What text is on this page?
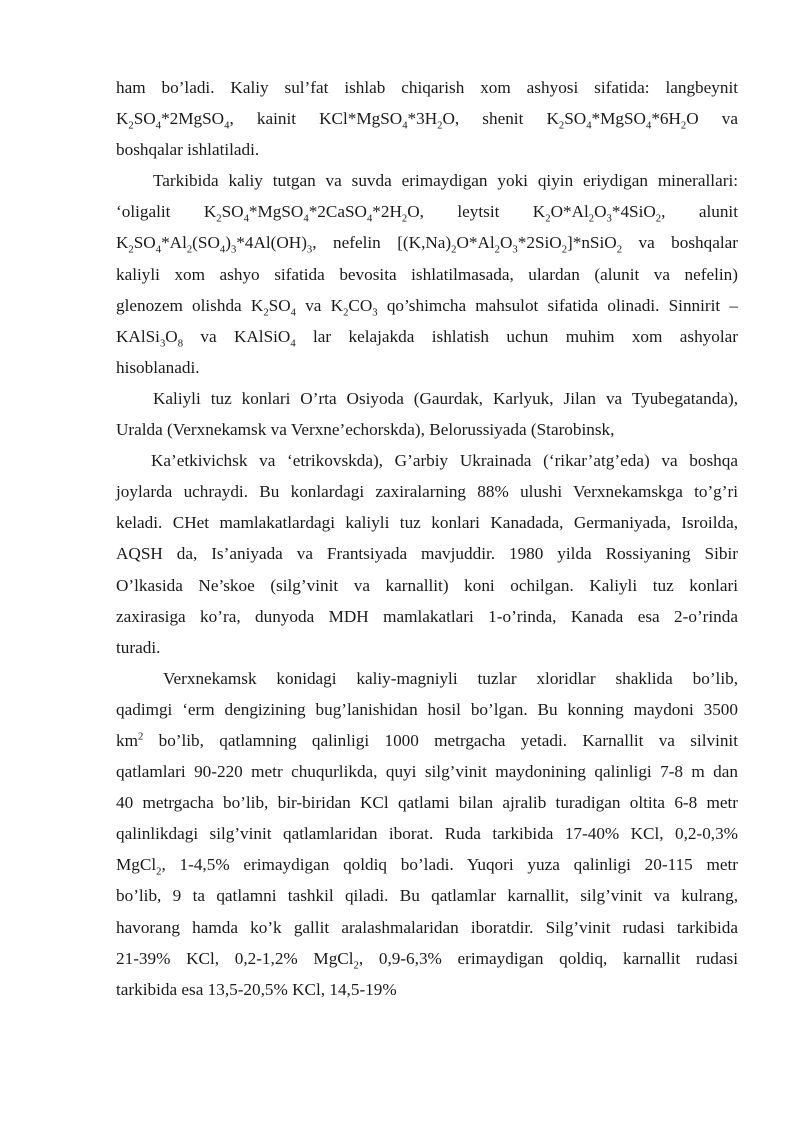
ham bo’ladi. Kaliy sul’fat ishlab chiqarish xom ashyosi sifatida: langbeynit
$K_2SO_4*2MgSO_4$, kainit $KCl*MgSO_4*3H_2O$, shenit $K_2SO_4*MgSO_4*6H_2O$ va
boshqalar ishlatiladi.
Tarkibida kaliy tutgan va suvda erimaydigan yoki qiyin eriydigan minerallari:
‘oligalit $K_2SO_4*MgSO_4*2CaSO_4*2H_2O$, leytsit $K_2O*Al_2O_3*4SiO_2$, alunit
$K_2SO_4*Al_2(SO_4)_3*4Al(OH)_3$, nefelin $[(K,Na)_2O*Al_2O_3*2SiO_2]*nSiO_2$ va boshqalar
kaliyli xom ashyo sifatida bevosita ishlatilmasada, ulardan (alunit va nefelin)
glenozem olishda $K_2SO_4$ va $K_2CO_3$ qo’shimcha mahsulot sifatida olinadi. Sinnirit –
$KAlSi_3O_8$ va KAlSiO$_4$ lar kelajakda ishlatish uchun muhim xom ashyolar
hisoblanadi.
Kaliyli tuz konlari O’rta Osiyoda (Gaurdak, Karlyuk, Jilan va Tyubegatanda),
Uralda (Verxnekamsk va Verxne’echorskda), Belorussiyada (Starobinsk,
Ka’etkivichsk va ‘etrikovskda), G’arbiy Ukrainada (‘rikar’atg’eda) va boshqa
joylarda uchraydi. Bu konlardagi zaxiralarning 88% ulushi Verxnekamskga to’g’ri
keladi. CHet mamlakatlardagi kaliyli tuz konlari Kanadada, Germaniyada, Isroilda,
AQSH da, Is’aniyada va Frantsiyada mavjuddir. 1980 yilda Rossiyaning Sibir
O’lkasida Ne’skoe (silg’vinit va karnallit) koni ochilgan. Kaliyli tuz konlari
zaxirasiga ko’ra, dunyoda MDH mamlakatlari 1-o’rinda, Kanada esa 2-o’rinda
turadi.
Verxnekamsk konidagi kaliy-magniyli tuzlar xloridlar shaklida bo’lib,
qadimgi ‘erm dengizining bug’lanishidan hosil bo’lgan. Bu konning maydoni 3500
$km^2$ bo’lib, qatlamning qalinligi 1000 metrgacha yetadi. Karnallit va silvinit
qatlamlari 90-220 metr chuqurlikda, quyi silg’vinit maydonining qalinligi 7-8 m dan
40 metrgacha bo’lib, bir-biridan KCl qatlami bilan ajralib turadigan oltita 6-8 metr
qalinlikdagi silg’vinit qatlamlaridan iborat. Ruda tarkibida 17-40% KCl, 0,2-0,3%
MgCl$_2$, 1-4,5% erimaydigan qoldiq bo’ladi. Yuqori yuza qalinligi 20-115 metr
bo’lib, 9 ta qatlamni tashkil qiladi. Bu qatlamlar karnallit, silg’vinit va kulrang,
havorang hamda ko’k gallit aralashmalaridan iboratdir. Silg’vinit rudasi tarkibida
21-39% KCl, 0,2-1,2% MgCl$_2$, 0,9-6,3% erimaydigan qoldiq, karnallit rudasi
tarkibida esa 13,5-20,5% KCl, 14,5-19%
